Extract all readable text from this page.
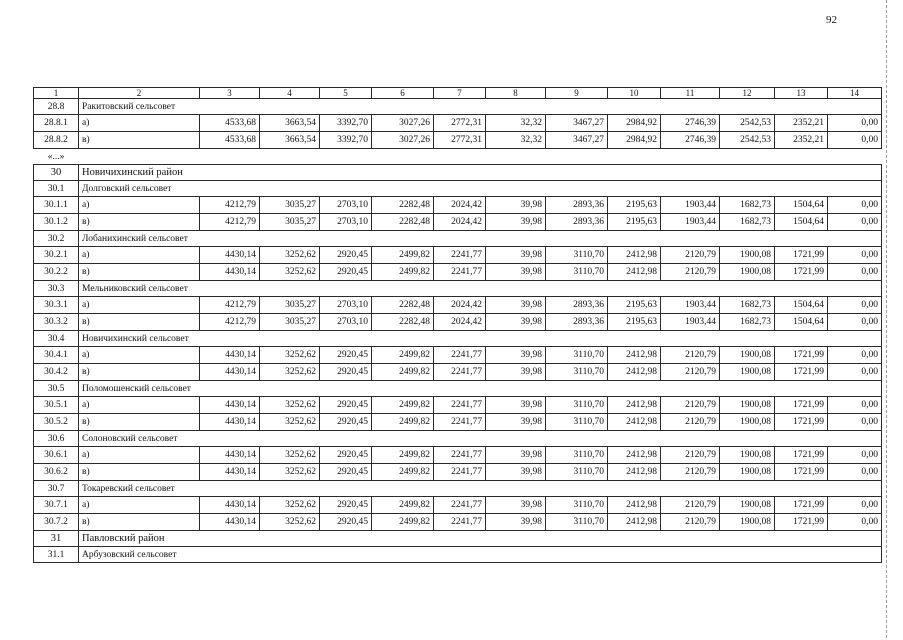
92
1	2	3	4	5	6	7	8	9	10	11	12	13	14
28.8	Ракитовский сельсовет												
28.8.1	а)	4533,68	3663,54	3392,70	3027,26	2772,31	32,32	3467,27	2984,92	2746,39	2542,53	2352,21	0,00
28.8.2	в)	4533,68	3663,54	3392,70	3027,26	2772,31	32,32	3467,27	2984,92	2746,39	2542,53	2352,21	0,00
«...»													
30	Новичихинский район												
30.1	Долговский сельсовет												
30.1.1	а)	4212,79	3035,27	2703,10	2282,48	2024,42	39,98	2893,36	2195,63	1903,44	1682,73	1504,64	0,00
30.1.2	в)	4212,79	3035,27	2703,10	2282,48	2024,42	39,98	2893,36	2195,63	1903,44	1682,73	1504,64	0,00
30.2	Лобанихинский сельсовет												
30.2.1	а)	4430,14	3252,62	2920,45	2499,82	2241,77	39,98	3110,70	2412,98	2120,79	1900,08	1721,99	0,00
30.2.2	в)	4430,14	3252,62	2920,45	2499,82	2241,77	39,98	3110,70	2412,98	2120,79	1900,08	1721,99	0,00
30.3	Мельниковский сельсовет												
30.3.1	а)	4212,79	3035,27	2703,10	2282,48	2024,42	39,98	2893,36	2195,63	1903,44	1682,73	1504,64	0,00
30.3.2	в)	4212,79	3035,27	2703,10	2282,48	2024,42	39,98	2893,36	2195,63	1903,44	1682,73	1504,64	0,00
30.4	Новичихинский сельсовет												
30.4.1	а)	4430,14	3252,62	2920,45	2499,82	2241,77	39,98	3110,70	2412,98	2120,79	1900,08	1721,99	0,00
30.4.2	в)	4430,14	3252,62	2920,45	2499,82	2241,77	39,98	3110,70	2412,98	2120,79	1900,08	1721,99	0,00
30.5	Поломошенский сельсовет												
30.5.1	а)	4430,14	3252,62	2920,45	2499,82	2241,77	39,98	3110,70	2412,98	2120,79	1900,08	1721,99	0,00
30.5.2	в)	4430,14	3252,62	2920,45	2499,82	2241,77	39,98	3110,70	2412,98	2120,79	1900,08	1721,99	0,00
30.6	Солоновский сельсовет												
30.6.1	а)	4430,14	3252,62	2920,45	2499,82	2241,77	39,98	3110,70	2412,98	2120,79	1900,08	1721,99	0,00
30.6.2	в)	4430,14	3252,62	2920,45	2499,82	2241,77	39,98	3110,70	2412,98	2120,79	1900,08	1721,99	0,00
30.7	Токаревский сельсовет												
30.7.1	а)	4430,14	3252,62	2920,45	2499,82	2241,77	39,98	3110,70	2412,98	2120,79	1900,08	1721,99	0,00
30.7.2	в)	4430,14	3252,62	2920,45	2499,82	2241,77	39,98	3110,70	2412,98	2120,79	1900,08	1721,99	0,00
31	Павловский район												
31.1	Арбузовский сельсовет												
